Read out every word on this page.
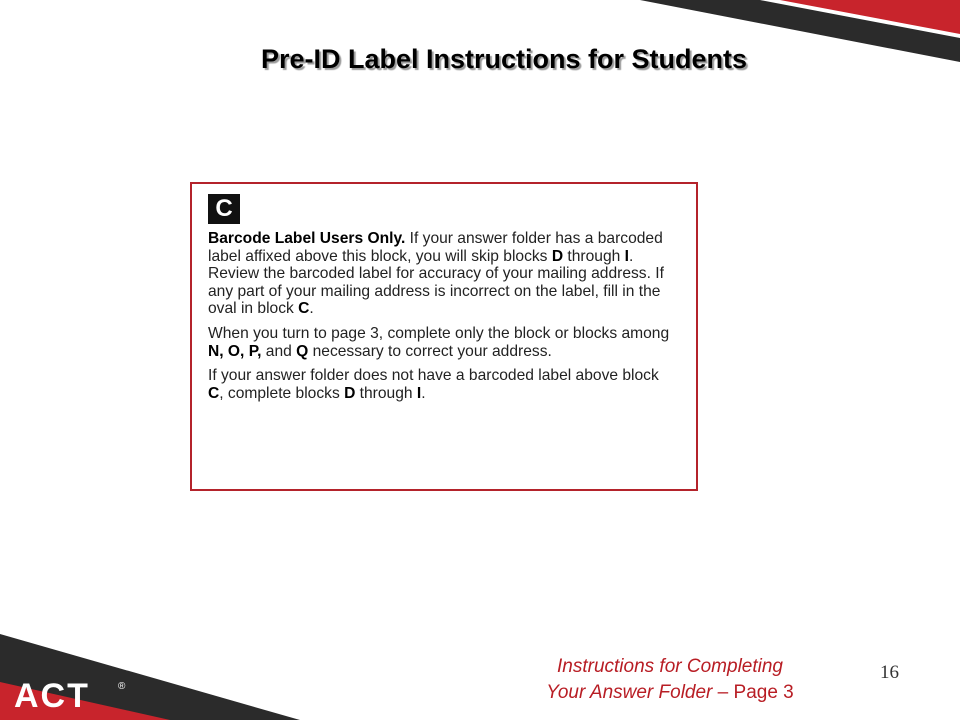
Pre-ID Label Instructions for Students
C

Barcode Label Users Only. If your answer folder has a barcoded label affixed above this block, you will skip blocks D through I. Review the barcoded label for accuracy of your mailing address. If any part of your mailing address is incorrect on the label, fill in the oval in block C.

When you turn to page 3, complete only the block or blocks among N, O, P, and Q necessary to correct your address.

If your answer folder does not have a barcoded label above block C, complete blocks D through I.

ACT	®
Instructions for Completing
Your Answer Folder – Page 3
16
